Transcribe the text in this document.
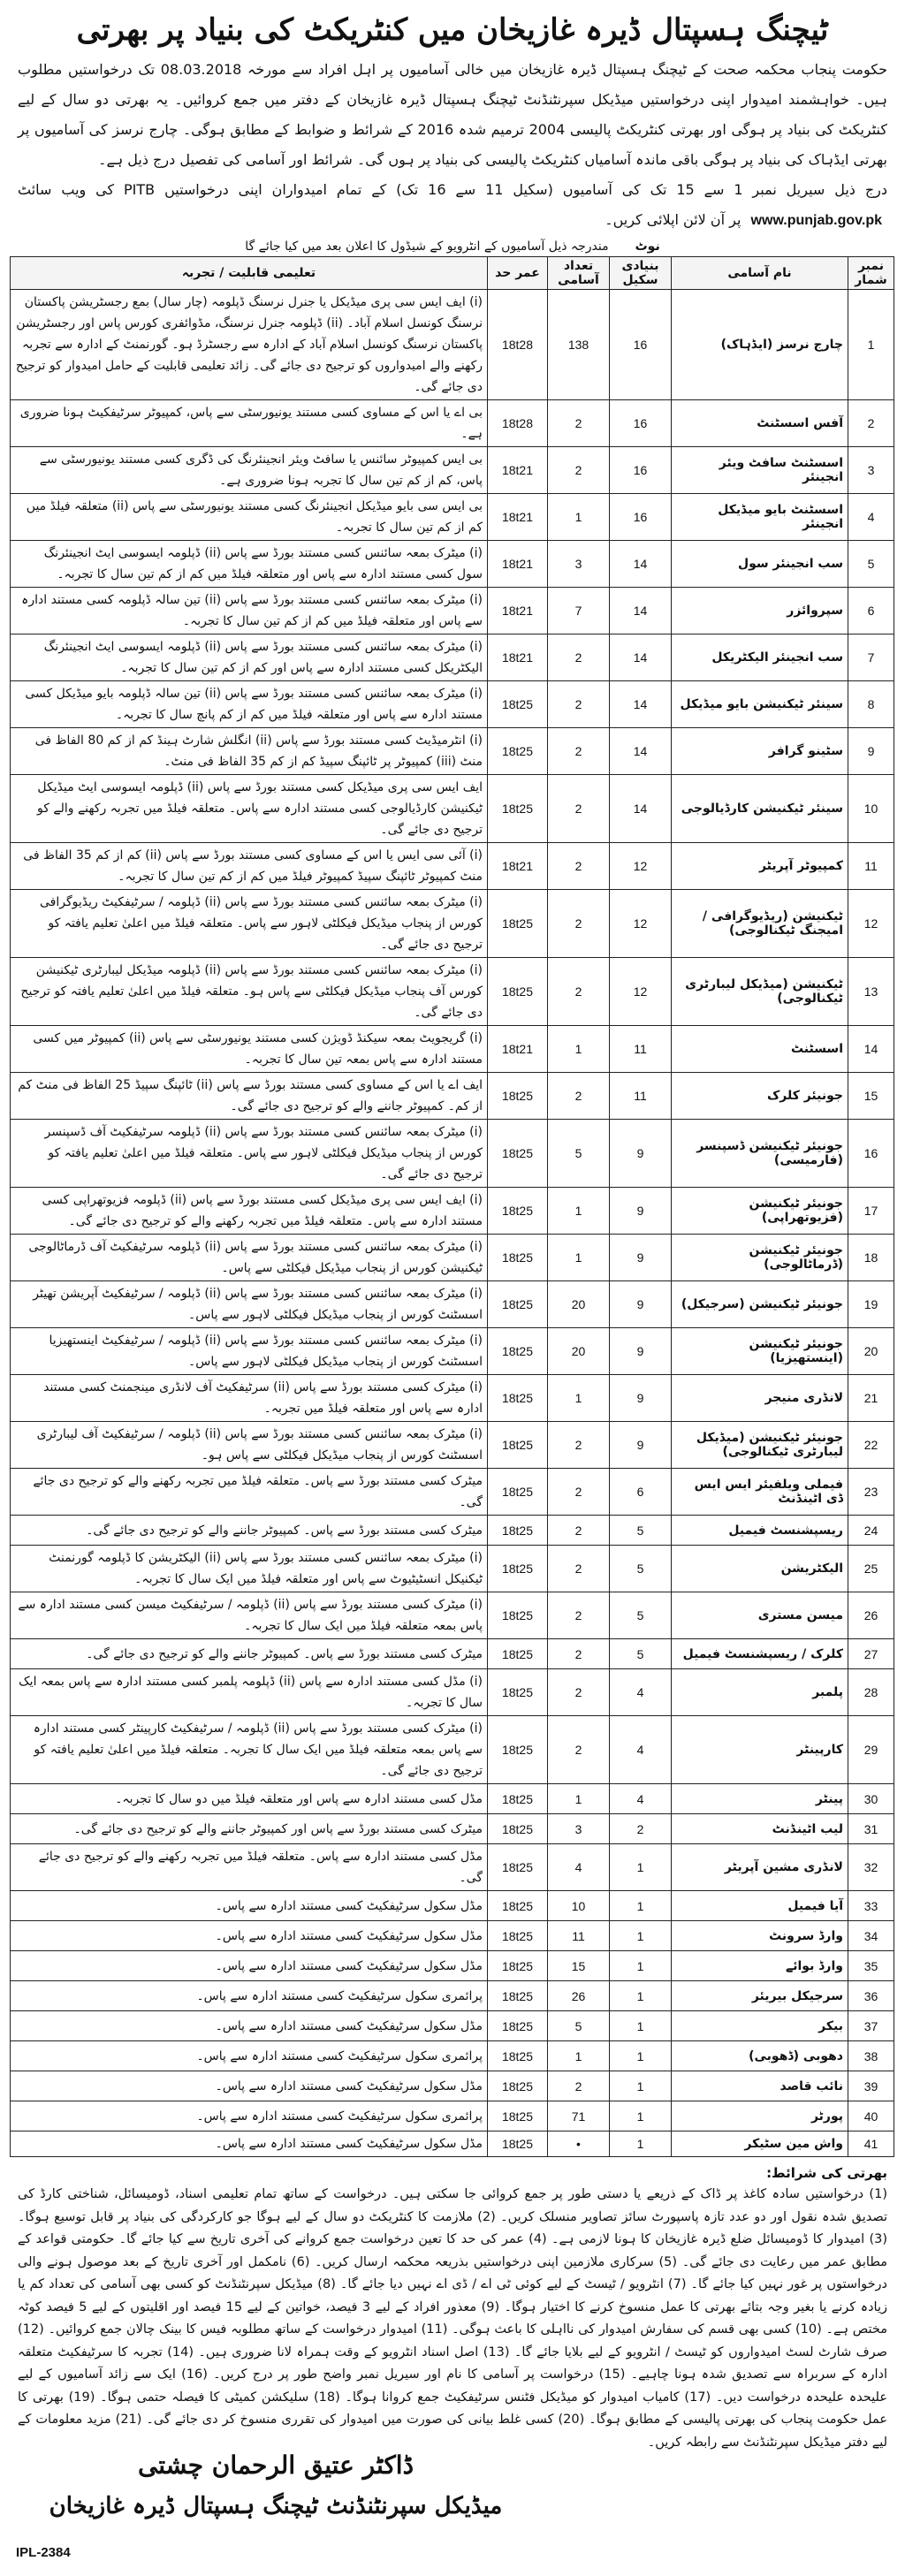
ٹیچنگ ہسپتال ڈیرہ غازیخان میں کنٹریکٹ کی بنیاد پر بھرتی

حکومت پنجاب محکمہ صحت کے ٹیچنگ ہسپتال ڈیرہ غازیخان میں خالی آسامیوں پر اہل افراد سے مورخہ 08.03.2018 تک درخواستیں مطلوب ہیں۔ خواہشمند امیدوار اپنی درخواستیں میڈیکل سپرنٹنڈنٹ ٹیچنگ ہسپتال ڈیرہ غازیخان کے دفتر میں جمع کروائیں۔ یہ بھرتی دو سال کے لیے کنٹریکٹ کی بنیاد پر ہوگی اور بھرتی کنٹریکٹ پالیسی 2004 ترمیم شدہ 2016 کے شرائط و ضوابط کے مطابق ہوگی۔ چارج نرسز کی آسامیوں پر بھرتی ایڈہاک کی بنیاد پر ہوگی باقی ماندہ آسامیاں کنٹریکٹ پالیسی کی بنیاد پر ہوں گی۔ شرائط اور آسامی کی تفصیل درج ذیل ہے۔

درج ذیل سیریل نمبر 1 سے 15 تک کی آسامیوں (سکیل 11 سے 16 تک) کے تمام امیدواران اپنی درخواستیں PITB کی ویب سائٹ www.punjab.gov.pk پر آن لائن اپلائی کریں۔

نوٹ
مندرجہ ذیل آسامیوں کے انٹرویو کے شیڈول کا اعلان بعد میں کیا جائے گا
نمبر شمار	نام آسامی	بنیادی سکیل	تعداد آسامی	عمر حد	تعلیمی قابلیت / تجربہ
1	چارج نرسز (ایڈہاک)	16	138	18t28	(i) ایف ایس سی پری میڈیکل یا جنرل نرسنگ ڈپلومہ (چار سال) بمع رجسٹریشن پاکستان نرسنگ کونسل اسلام آباد۔ (ii) ڈپلومہ جنرل نرسنگ، مڈوائفری کورس پاس اور رجسٹریشن پاکستان نرسنگ کونسل اسلام آباد کے ادارہ سے رجسٹرڈ ہو۔ گورنمنٹ کے ادارہ سے تجربہ رکھنے والے امیدواروں کو ترجیح دی جائے گی۔ زائد تعلیمی قابلیت کے حامل امیدوار کو ترجیح دی جائے گی۔
2	آفس اسسٹنٹ	16	2	18t28	بی اے یا اس کے مساوی کسی مستند یونیورسٹی سے پاس، کمپیوٹر سرٹیفکیٹ ہونا ضروری ہے۔
3	اسسٹنٹ سافٹ ویئر انجینئر	16	2	18t21	بی ایس کمپیوٹر سائنس یا سافٹ ویئر انجینئرنگ کی ڈگری کسی مستند یونیورسٹی سے پاس، کم از کم تین سال کا تجربہ ہونا ضروری ہے۔
4	اسسٹنٹ بایو میڈیکل انجینئر	16	1	18t21	بی ایس سی بایو میڈیکل انجینئرنگ کسی مستند یونیورسٹی سے پاس (ii) متعلقہ فیلڈ میں کم از کم تین سال کا تجربہ۔
5	سب انجینئر سول	14	3	18t21	(i) میٹرک بمعہ سائنس کسی مستند بورڈ سے پاس (ii) ڈپلومہ ایسوسی ایٹ انجینئرنگ سول کسی مستند ادارہ سے پاس اور متعلقہ فیلڈ میں کم از کم تین سال کا تجربہ۔
6	سپروائزر	14	7	18t21	(i) میٹرک بمعہ سائنس کسی مستند بورڈ سے پاس (ii) تین سالہ ڈپلومہ کسی مستند ادارہ سے پاس اور متعلقہ فیلڈ میں کم از کم تین سال کا تجربہ۔
7	سب انجینئر الیکٹریکل	14	2	18t21	(i) میٹرک بمعہ سائنس کسی مستند بورڈ سے پاس (ii) ڈپلومہ ایسوسی ایٹ انجینئرنگ الیکٹریکل کسی مستند ادارہ سے پاس اور کم از کم تین سال کا تجربہ۔
8	سینئر ٹیکنیشن بایو میڈیکل	14	2	18t25	(i) میٹرک بمعہ سائنس کسی مستند بورڈ سے پاس (ii) تین سالہ ڈپلومہ بایو میڈیکل کسی مستند ادارہ سے پاس اور متعلقہ فیلڈ میں کم از کم پانچ سال کا تجربہ۔
9	سٹینو گرافر	14	2	18t25	(i) انٹرمیڈیٹ کسی مستند بورڈ سے پاس (ii) انگلش شارٹ ہینڈ کم از کم 80 الفاظ فی منٹ (iii) کمپیوٹر پر ٹائپنگ سپیڈ کم از کم 35 الفاظ فی منٹ۔
10	سینئر ٹیکنیشن کارڈیالوجی	14	2	18t25	ایف ایس سی پری میڈیکل کسی مستند بورڈ سے پاس (ii) ڈپلومہ ایسوسی ایٹ میڈیکل ٹیکنیشن کارڈیالوجی کسی مستند ادارہ سے پاس۔ متعلقہ فیلڈ میں تجربہ رکھنے والے کو ترجیح دی جائے گی۔
11	کمپیوٹر آپریٹر	12	2	18t21	(i) آئی سی ایس یا اس کے مساوی کسی مستند بورڈ سے پاس (ii) کم از کم 35 الفاظ فی منٹ کمپیوٹر ٹائپنگ سپیڈ کمپیوٹر فیلڈ میں کم از کم تین سال کا تجربہ۔
12	ٹیکنیشن (ریڈیوگرافی / امیجنگ ٹیکنالوجی)	12	2	18t25	(i) میٹرک بمعہ سائنس کسی مستند بورڈ سے پاس (ii) ڈپلومہ / سرٹیفکیٹ ریڈیوگرافی کورس از پنجاب میڈیکل فیکلٹی لاہور سے پاس۔ متعلقہ فیلڈ میں اعلیٰ تعلیم یافتہ کو ترجیح دی جائے گی۔
13	ٹیکنیشن (میڈیکل لیبارٹری ٹیکنالوجی)	12	2	18t25	(i) میٹرک بمعہ سائنس کسی مستند بورڈ سے پاس (ii) ڈپلومہ میڈیکل لیبارٹری ٹیکنیشن کورس آف پنجاب میڈیکل فیکلٹی سے پاس ہو۔ متعلقہ فیلڈ میں اعلیٰ تعلیم یافتہ کو ترجیح دی جائے گی۔
14	اسسٹنٹ	11	1	18t21	(i) گریجویٹ بمعہ سیکنڈ ڈویژن کسی مستند یونیورسٹی سے پاس (ii) کمپیوٹر میں کسی مستند ادارہ سے پاس بمعہ تین سال کا تجربہ۔
15	جونیئر کلرک	11	2	18t25	ایف اے یا اس کے مساوی کسی مستند بورڈ سے پاس (ii) ٹائپنگ سپیڈ 25 الفاظ فی منٹ کم از کم۔ کمپیوٹر جاننے والے کو ترجیح دی جائے گی۔
16	جونیئر ٹیکنیشن ڈسپنسر (فارمیسی)	9	5	18t25	(i) میٹرک بمعہ سائنس کسی مستند بورڈ سے پاس (ii) ڈپلومہ سرٹیفکیٹ آف ڈسپنسر کورس از پنجاب میڈیکل فیکلٹی لاہور سے پاس۔ متعلقہ فیلڈ میں اعلیٰ تعلیم یافتہ کو ترجیح دی جائے گی۔
17	جونیئر ٹیکنیشن (فزیوتھراپی)	9	1	18t25	(i) ایف ایس سی پری میڈیکل کسی مستند بورڈ سے پاس (ii) ڈپلومہ فزیوتھراپی کسی مستند ادارہ سے پاس۔ متعلقہ فیلڈ میں تجربہ رکھنے والے کو ترجیح دی جائے گی۔
18	جونیئر ٹیکنیشن (ڈرماٹالوجی)	9	1	18t25	(i) میٹرک بمعہ سائنس کسی مستند بورڈ سے پاس (ii) ڈپلومہ سرٹیفکیٹ آف ڈرماٹالوجی ٹیکنیشن کورس از پنجاب میڈیکل فیکلٹی سے پاس۔
19	جونیئر ٹیکنیشن (سرجیکل)	9	20	18t25	(i) میٹرک بمعہ سائنس کسی مستند بورڈ سے پاس (ii) ڈپلومہ / سرٹیفکیٹ آپریشن تھیٹر اسسٹنٹ کورس از پنجاب میڈیکل فیکلٹی لاہور سے پاس۔
20	جونیئر ٹیکنیشن (اینستھیزیا)	9	20	18t25	(i) میٹرک بمعہ سائنس کسی مستند بورڈ سے پاس (ii) ڈپلومہ / سرٹیفکیٹ اینستھیزیا اسسٹنٹ کورس از پنجاب میڈیکل فیکلٹی لاہور سے پاس۔
21	لانڈری منیجر	9	1	18t25	(i) میٹرک کسی مستند بورڈ سے پاس (ii) سرٹیفکیٹ آف لانڈری مینجمنٹ کسی مستند ادارہ سے پاس اور متعلقہ فیلڈ میں تجربہ۔
22	جونیئر ٹیکنیشن (میڈیکل لیبارٹری ٹیکنالوجی)	9	2	18t25	(i) میٹرک بمعہ سائنس کسی مستند بورڈ سے پاس (ii) ڈپلومہ / سرٹیفکیٹ آف لیبارٹری اسسٹنٹ کورس از پنجاب میڈیکل فیکلٹی سے پاس ہو۔
23	فیملی ویلفیئر ایس ایس ڈی اٹینڈنٹ	6	2	18t25	میٹرک کسی مستند بورڈ سے پاس۔ متعلقہ فیلڈ میں تجربہ رکھنے والے کو ترجیح دی جائے گی۔
24	ریسپشنسٹ فیمیل	5	2	18t25	میٹرک کسی مستند بورڈ سے پاس۔ کمپیوٹر جاننے والے کو ترجیح دی جائے گی۔
25	الیکٹریشن	5	2	18t25	(i) میٹرک بمعہ سائنس کسی مستند بورڈ سے پاس (ii) الیکٹریشن کا ڈپلومہ گورنمنٹ ٹیکنیکل انسٹیٹیوٹ سے پاس اور متعلقہ فیلڈ میں ایک سال کا تجربہ۔
26	میسن مستری	5	2	18t25	(i) میٹرک کسی مستند بورڈ سے پاس (ii) ڈپلومہ / سرٹیفکیٹ میسن کسی مستند ادارہ سے پاس بمعہ متعلقہ فیلڈ میں ایک سال کا تجربہ۔
27	کلرک / ریسپشنسٹ فیمیل	5	2	18t25	میٹرک کسی مستند بورڈ سے پاس۔ کمپیوٹر جاننے والے کو ترجیح دی جائے گی۔
28	پلمبر	4	2	18t25	(i) مڈل کسی مستند ادارہ سے پاس (ii) ڈپلومہ پلمبر کسی مستند ادارہ سے پاس بمعہ ایک سال کا تجربہ۔
29	کارپینٹر	4	2	18t25	(i) میٹرک کسی مستند بورڈ سے پاس (ii) ڈپلومہ / سرٹیفکیٹ کارپینٹر کسی مستند ادارہ سے پاس بمعہ متعلقہ فیلڈ میں ایک سال کا تجربہ۔ متعلقہ فیلڈ میں اعلیٰ تعلیم یافتہ کو ترجیح دی جائے گی۔
30	پینٹر	4	1	18t25	مڈل کسی مستند ادارہ سے پاس اور متعلقہ فیلڈ میں دو سال کا تجربہ۔
31	لیب اٹینڈنٹ	2	3	18t25	میٹرک کسی مستند بورڈ سے پاس اور کمپیوٹر جاننے والے کو ترجیح دی جائے گی۔
32	لانڈری مشین آپریٹر	1	4	18t25	مڈل کسی مستند ادارہ سے پاس۔ متعلقہ فیلڈ میں تجربہ رکھنے والے کو ترجیح دی جائے گی۔
33	آیا فیمیل	1	10	18t25	مڈل سکول سرٹیفکیٹ کسی مستند ادارہ سے پاس۔
34	وارڈ سرونٹ	1	11	18t25	مڈل سکول سرٹیفکیٹ کسی مستند ادارہ سے پاس۔
35	وارڈ بوائے	1	15	18t25	مڈل سکول سرٹیفکیٹ کسی مستند ادارہ سے پاس۔
36	سرجیکل بیریئر	1	26	18t25	پرائمری سکول سرٹیفکیٹ کسی مستند ادارہ سے پاس۔
37	بیکر	1	5	18t25	مڈل سکول سرٹیفکیٹ کسی مستند ادارہ سے پاس۔
38	دھوبی (ڈھوبی)	1	1	18t25	پرائمری سکول سرٹیفکیٹ کسی مستند ادارہ سے پاس۔
39	نائب قاصد	1	2	18t25	مڈل سکول سرٹیفکیٹ کسی مستند ادارہ سے پاس۔
40	پورٹر	1	71	18t25	پرائمری سکول سرٹیفکیٹ کسی مستند ادارہ سے پاس۔
41	واش مین سٹیکر	1	•	18t25	مڈل سکول سرٹیفکیٹ کسی مستند ادارہ سے پاس۔
بھرتی کی شرائط:

(1) درخواستیں سادہ کاغذ پر ڈاک کے ذریعے یا دستی طور پر جمع کروائی جا سکتی ہیں۔ درخواست کے ساتھ تمام تعلیمی اسناد، ڈومیسائل، شناختی کارڈ کی تصدیق شدہ نقول اور دو عدد تازہ پاسپورٹ سائز تصاویر منسلک کریں۔ (2) ملازمت کا کنٹریکٹ دو سال کے لیے ہوگا جو کارکردگی کی بنیاد پر قابل توسیع ہوگا۔ (3) امیدوار کا ڈومیسائل ضلع ڈیرہ غازیخان کا ہونا لازمی ہے۔ (4) عمر کی حد کا تعین درخواست جمع کروانے کی آخری تاریخ سے کیا جائے گا۔ حکومتی قواعد کے مطابق عمر میں رعایت دی جائے گی۔ (5) سرکاری ملازمین اپنی درخواستیں بذریعہ محکمہ ارسال کریں۔ (6) نامکمل اور آخری تاریخ کے بعد موصول ہونے والی درخواستوں پر غور نہیں کیا جائے گا۔ (7) انٹرویو / ٹیسٹ کے لیے کوئی ٹی اے / ڈی اے نہیں دیا جائے گا۔ (8) میڈیکل سپرنٹنڈنٹ کو کسی بھی آسامی کی تعداد کم یا زیادہ کرنے یا بغیر وجہ بتائے بھرتی کا عمل منسوخ کرنے کا اختیار ہوگا۔ (9) معذور افراد کے لیے 3 فیصد، خواتین کے لیے 15 فیصد اور اقلیتوں کے لیے 5 فیصد کوٹہ مختص ہے۔ (10) کسی بھی قسم کی سفارش امیدوار کی نااہلی کا باعث ہوگی۔ (11) امیدوار درخواست کے ساتھ مطلوبہ فیس کا بینک چالان جمع کروائیں۔ (12) صرف شارٹ لسٹ امیدواروں کو ٹیسٹ / انٹرویو کے لیے بلایا جائے گا۔ (13) اصل اسناد انٹرویو کے وقت ہمراہ لانا ضروری ہیں۔ (14) تجربہ کا سرٹیفکیٹ متعلقہ ادارہ کے سربراہ سے تصدیق شدہ ہونا چاہیے۔ (15) درخواست پر آسامی کا نام اور سیریل نمبر واضح طور پر درج کریں۔ (16) ایک سے زائد آسامیوں کے لیے علیحدہ علیحدہ درخواست دیں۔ (17) کامیاب امیدوار کو میڈیکل فٹنس سرٹیفکیٹ جمع کروانا ہوگا۔ (18) سلیکشن کمیٹی کا فیصلہ حتمی ہوگا۔ (19) بھرتی کا عمل حکومت پنجاب کی بھرتی پالیسی کے مطابق ہوگا۔ (20) کسی غلط بیانی کی صورت میں امیدوار کی تقرری منسوخ کر دی جائے گی۔ (21) مزید معلومات کے لیے دفتر میڈیکل سپرنٹنڈنٹ سے رابطہ کریں۔

ڈاکٹر عتیق الرحمان چشتی
میڈیکل سپرنٹنڈنٹ ٹیچنگ ہسپتال ڈیرہ غازیخان
IPL-2384
